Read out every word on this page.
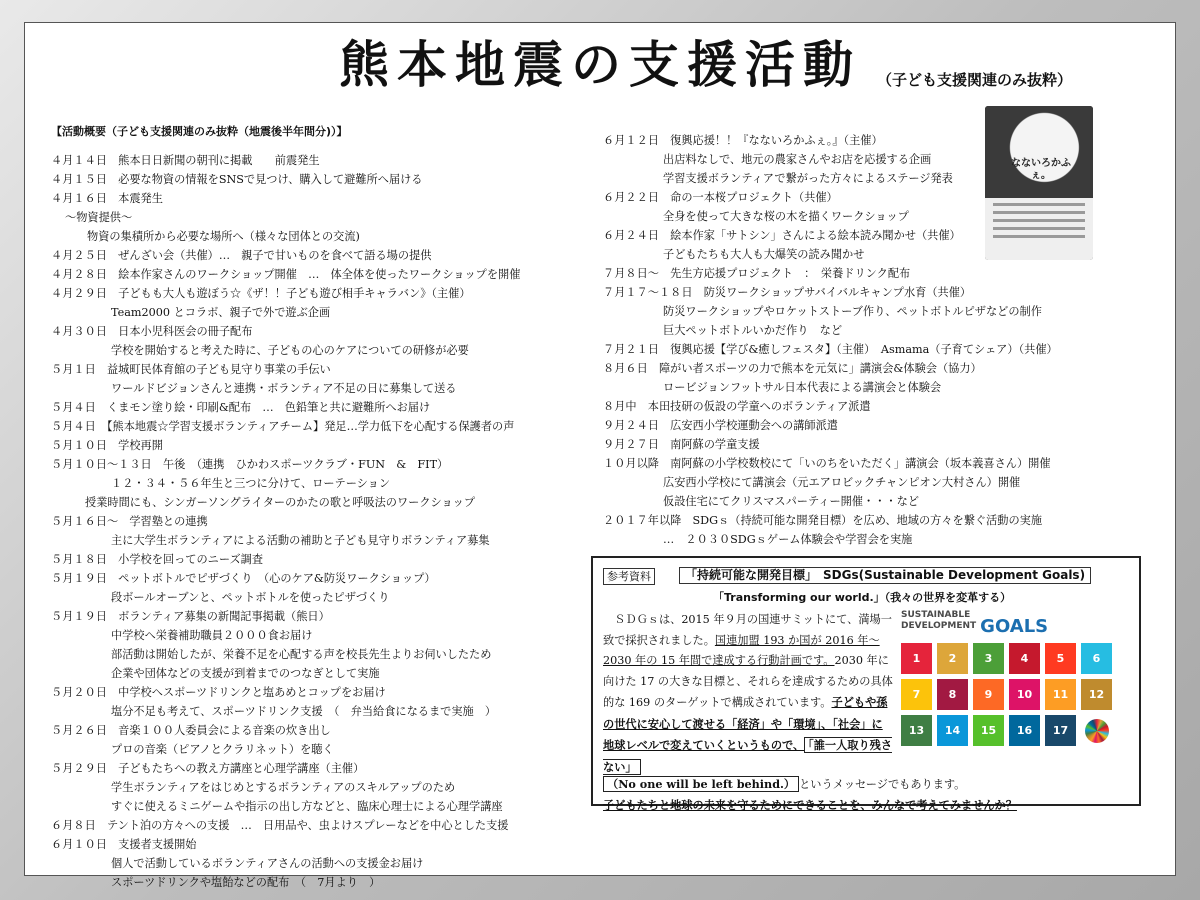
熊本地震の支援活動	（子ども支援関連のみ抜粋）
【活動概要（子ども支援関連のみ抜粋（地震後半年間分)）】
４月１４日　熊本日日新聞の朝刊に掲載　　前震発生
４月１５日　必要な物資の情報をSNSで見つけ、購入して避難所へ届ける
４月１６日　本震発生
～物資提供～
物資の集積所から必要な場所へ（様々な団体との交流)
４月２５日　ぜんざい会（共催）…　親子で甘いものを食べて語る場の提供
４月２８日　絵本作家さんのワークショップ開催　…　体全体を使ったワークショップを開催
４月２９日　子どもも大人も遊ぼう☆《ザ！！子ども遊び相手キャラバン》（主催）
Team2000 とコラボ、親子で外で遊ぶ企画
４月３０日　日本小児科医会の冊子配布
学校を開始すると考えた時に、子どもの心のケアについての研修が必要
５月１日　益城町民体育館の子ども見守り事業の手伝い
ワールドビジョンさんと連携・ボランティア不足の日に募集して送る
５月４日　くまモン塗り絵・印刷&配布　…　色鉛筆と共に避難所へお届け
５月４日　【熊本地震☆学習支援ボランティアチーム】発足…学力低下を心配する保護者の声
５月１０日　学校再開
５月１０日～１３日　午後　（連携　ひかわスポーツクラブ・FUN　&　FIT）
１２・３４・５６年生と三つに分けて、ローテーション
授業時間にも、シンガーソングライターのかたの歌と呼吸法のワークショップ
５月１６日～　学習塾との連携
主に大学生ボランティアによる活動の補助と子ども見守りボランティア募集
５月１８日　小学校を回ってのニーズ調査
５月１９日　ペットボトルでピザづくり　（心のケア&防災ワークショップ）
段ボールオーブンと、ペットボトルを使ったピザづくり
５月１９日　ボランティア募集の新聞記事掲載（熊日）
中学校へ栄養補助職員２０００食お届け
部活動は開始したが、栄養不足を心配する声を校長先生よりお伺いしたため
企業や団体などの支援が到着までのつなぎとして実施
５月２０日　中学校へスポーツドリンクと塩あめとコップをお届け
塩分不足も考えて、スポーツドリンク支援　（　弁当給食になるまで実施　）
５月２６日　音楽１００人委員会による音楽の炊き出し
プロの音楽（ピアノとクラリネット）を聴く
５月２９日　子どもたちへの教え方講座と心理学講座（主催）
学生ボランティアをはじめとするボランティアのスキルアップのため
すぐに使えるミニゲームや指示の出し方などと、臨床心理士による心理学講座
６月８日　テント泊の方々への支援　…　日用品や、虫よけスプレーなどを中心とした支援
６月１０日　支援者支援開始
個人で活動しているボランティアさんの活動への支援金お届け
スポーツドリンクや塩飴などの配布　（　7月より　）
６月１２日　復興応援！！『なないろかふぇ。』（主催）
出店料なしで、地元の農家さんやお店を応援する企画
学習支援ボランティアで繋がった方々によるステージ発表
６月２２日　命の一本桜プロジェクト（共催）
全身を使って大きな桜の木を描くワークショップ
６月２４日　絵本作家「サトシン」さんによる絵本読み聞かせ（共催）
子どもたちも大人も大爆笑の読み聞かせ
７月８日～　先生方応援プロジェクト　：　栄養ドリンク配布
７月１７～１８日　防災ワークショップサバイバルキャンプ水育（共催）
防災ワークショップやロケットストーブ作り、ペットボトルピザなどの制作
巨大ペットボトルいかだ作り　など
７月２１日　復興応援【学び&癒しフェスタ】（主催）　Asmama（子育てシェア）（共催）
８月６日　障がい者スポーツの力で熊本を元気に」講演会&体験会（協力）
ロービジョンフットサル日本代表による講演会と体験会
８月中　本田技研の仮設の学童へのボランティア派遣
９月２４日　広安西小学校運動会への講師派遣
９月２７日　南阿蘇の学童支援
１０月以降　南阿蘇の小学校数校にて「いのちをいただく」講演会（坂本義喜さん）開催
広安西小学校にて講演会（元エアロビックチャンピオン大村さん）開催
仮設住宅にてクリスマスパーティー開催・・・など
２０１７年以降　SDGｓ（持続可能な開発目標）を広め、地域の方々を繋ぐ活動の実施
…　２０３０SDGｓゲーム体験会や学習会を実施
参考資料	「持続可能な開発目標」　SDGs(Sustainable Development Goals)
「Transforming our world.」（我々の世界を変革する）
　ＳＤＧｓは、2015 年９月の国連サミットにて、満場一致で採択されました。国連加盟 193 か国が 2016 年～2030 年の 15 年間で達成する行動計画です。2030 年に向けた 17 の大きな目標と、それらを達成するための具体的な 169 のターゲットで構成されています。子どもや孫の世代に安心して渡せる「経済」や「環境」、「社会」に地球レベルで変えていくというもので、 「誰一人取り残さない」
（No one will be left behind.） というメッセージでもあります。
子どもたちと地球の未来を守るためにできることを、みんなで考えてみませんか？
SUSTAINABLE
DEVELOPMENT GOALS
1	2	3	4	5	6
7	8	9	10	11	12
13	14	15	16	17
なないろかふぇ。
